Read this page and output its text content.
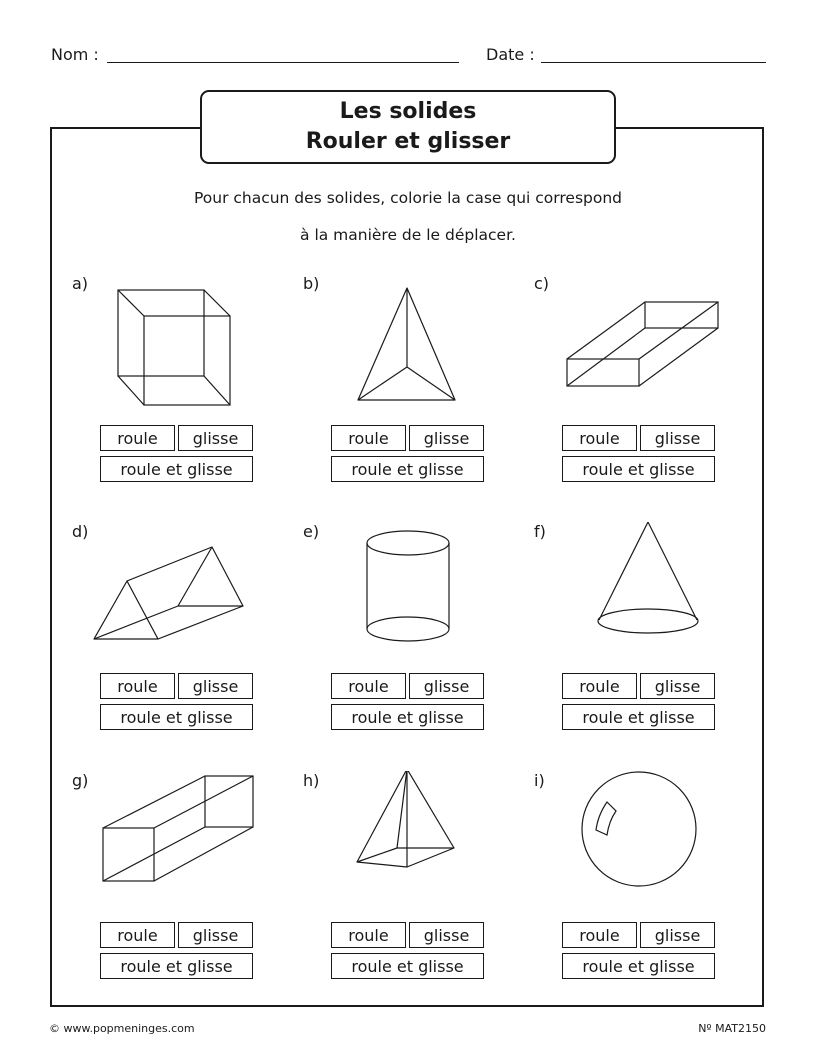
Nom :	Date :
Les solides
Rouler et glisser
Pour chacun des solides, colorie la case qui correspond
à la manière de le déplacer.
a)
roule	glisse
roule et glisse
b)
roule	glisse
roule et glisse
c)
roule	glisse
roule et glisse
d)
roule	glisse
roule et glisse
e)
roule	glisse
roule et glisse
f)
roule	glisse
roule et glisse
g)
roule	glisse
roule et glisse
h)
roule	glisse
roule et glisse
i)
roule	glisse
roule et glisse
© www.popmeninges.com	Nº MAT2150
